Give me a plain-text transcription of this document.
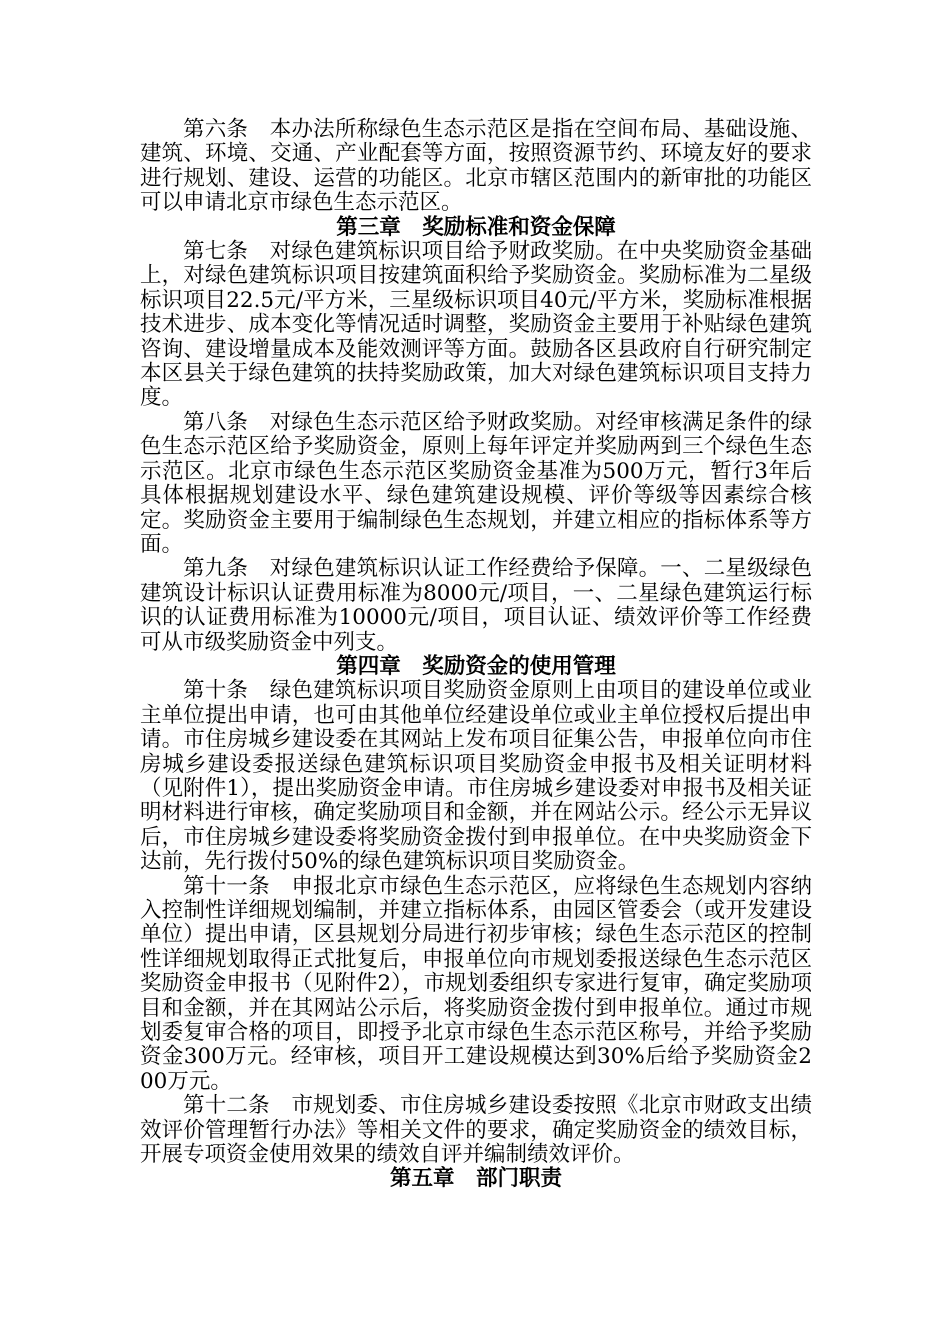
第六条　本办法所称绿色生态示范区是指在空间布局、基础设施、建筑、环境、交通、产业配套等方面，按照资源节约、环境友好的要求进行规划、建设、运营的功能区。北京市辖区范围内的新审批的功能区可以申请北京市绿色生态示范区。

第三章　奖励标准和资金保障

第七条　对绿色建筑标识项目给予财政奖励。在中央奖励资金基础上，对绿色建筑标识项目按建筑面积给予奖励资金。奖励标准为二星级标识项目22.5元/平方米，三星级标识项目40元/平方米，奖励标准根据技术进步、成本变化等情况适时调整，奖励资金主要用于补贴绿色建筑咨询、建设增量成本及能效测评等方面。鼓励各区县政府自行研究制定本区县关于绿色建筑的扶持奖励政策，加大对绿色建筑标识项目支持力度。

第八条　对绿色生态示范区给予财政奖励。对经审核满足条件的绿色生态示范区给予奖励资金，原则上每年评定并奖励两到三个绿色生态示范区。北京市绿色生态示范区奖励资金基准为500万元，暂行3年后具体根据规划建设水平、绿色建筑建设规模、评价等级等因素综合核定。奖励资金主要用于编制绿色生态规划，并建立相应的指标体系等方面。

第九条　对绿色建筑标识认证工作经费给予保障。一、二星级绿色建筑设计标识认证费用标准为8000元/项目，一、二星绿色建筑运行标识的认证费用标准为10000元/项目，项目认证、绩效评价等工作经费可从市级奖励资金中列支。

第四章　奖励资金的使用管理

第十条　绿色建筑标识项目奖励资金原则上由项目的建设单位或业主单位提出申请，也可由其他单位经建设单位或业主单位授权后提出申请。市住房城乡建设委在其网站上发布项目征集公告，申报单位向市住房城乡建设委报送绿色建筑标识项目奖励资金申报书及相关证明材料（见附件1），提出奖励资金申请。市住房城乡建设委对申报书及相关证明材料进行审核，确定奖励项目和金额，并在网站公示。经公示无异议后，市住房城乡建设委将奖励资金拨付到申报单位。在中央奖励资金下达前，先行拨付50%的绿色建筑标识项目奖励资金。

第十一条　申报北京市绿色生态示范区，应将绿色生态规划内容纳入控制性详细规划编制，并建立指标体系，由园区管委会（或开发建设单位）提出申请，区县规划分局进行初步审核；绿色生态示范区的控制性详细规划取得正式批复后，申报单位向市规划委报送绿色生态示范区奖励资金申报书（见附件2），市规划委组织专家进行复审，确定奖励项目和金额，并在其网站公示后，将奖励资金拨付到申报单位。通过市规划委复审合格的项目，即授予北京市绿色生态示范区称号，并给予奖励资金300万元。经审核，项目开工建设规模达到30%后给予奖励资金200万元。

第十二条　市规划委、市住房城乡建设委按照《北京市财政支出绩效评价管理暂行办法》等相关文件的要求，确定奖励资金的绩效目标，开展专项资金使用效果的绩效自评并编制绩效评价。

第五章　部门职责
